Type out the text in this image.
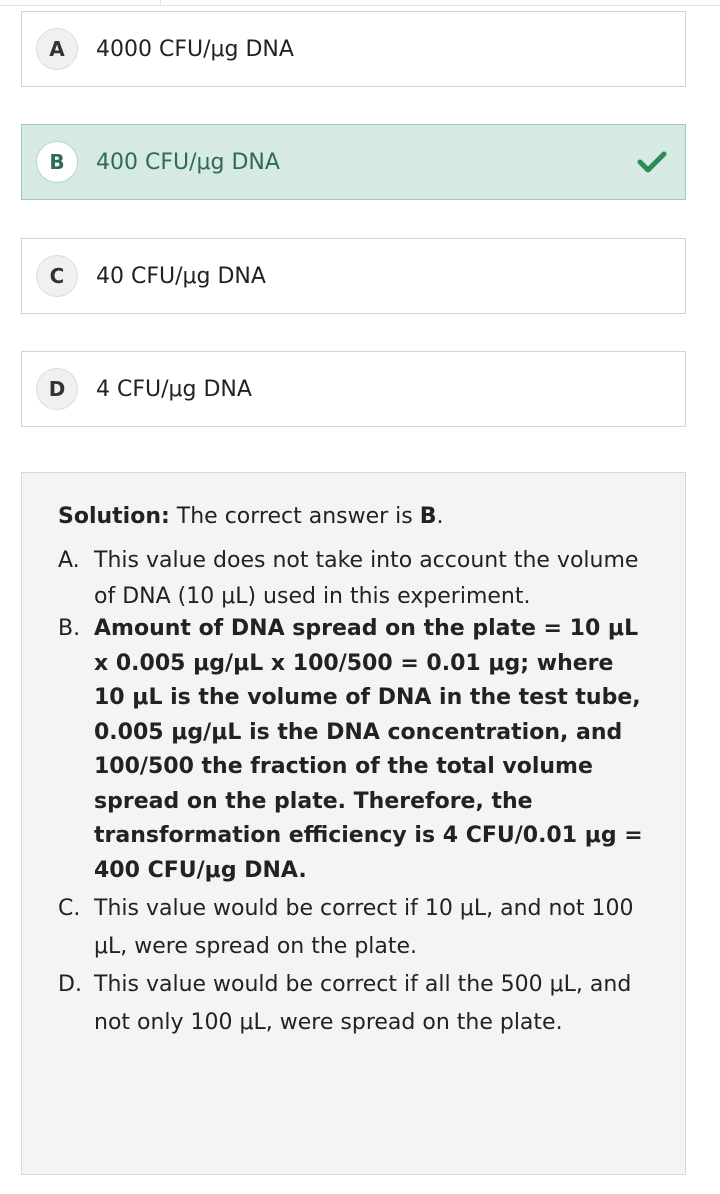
A	4000 CFU/μg DNA
B	400 CFU/μg DNA
C	40 CFU/μg DNA
D	4 CFU/μg DNA

Solution: The correct answer is B.

A. This value does not take into account the volume of DNA (10 μL) used in this experiment.
B. Amount of DNA spread on the plate = 10 μL x 0.005 μg/μL x 100/500 = 0.01 μg; where 10 μL is the volume of DNA in the test tube, 0.005 μg/μL is the DNA concentration, and 100/500 the fraction of the total volume spread on the plate. Therefore, the transformation efficiency is 4 CFU/0.01 μg = 400 CFU/μg DNA.
C. This value would be correct if 10 μL, and not 100 μL, were spread on the plate.
D. This value would be correct if all the 500 μL, and not only 100 μL, were spread on the plate.
